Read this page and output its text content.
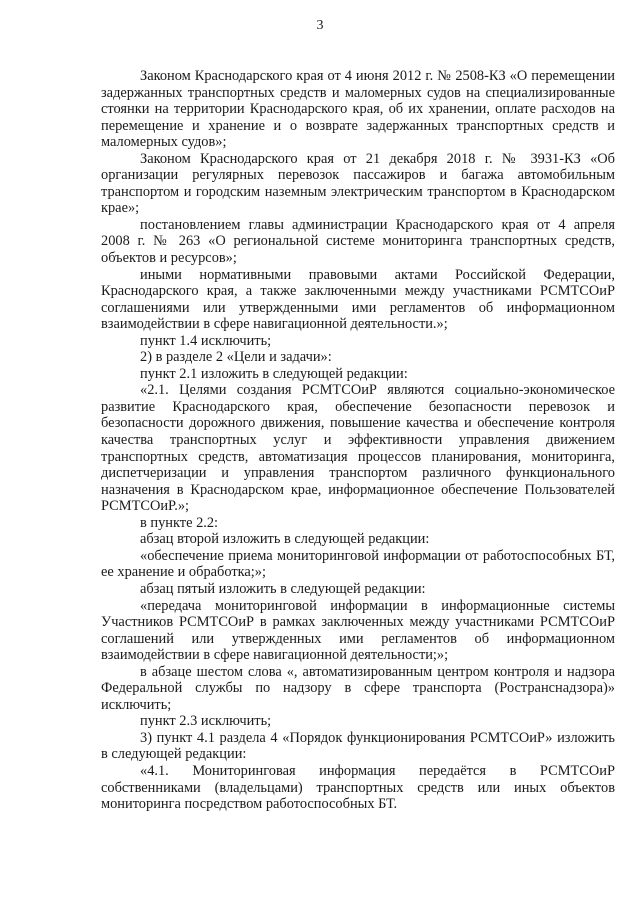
3

Законом Краснодарского края от 4 июня 2012 г. № 2508-КЗ «О перемещении задержанных транспортных средств и маломерных судов на специализированные стоянки на территории Краснодарского края, об их хранении, оплате расходов на перемещение и хранение и о возврате задержанных транспортных средств и маломерных судов»;

Законом Краснодарского края от 21 декабря 2018 г. № 3931-КЗ «Об организации регулярных перевозок пассажиров и багажа автомобильным транспортом и городским наземным электрическим транспортом в Краснодарском крае»;

постановлением главы администрации Краснодарского края от 4 апреля 2008 г. № 263 «О региональной системе мониторинга транспортных средств, объектов и ресурсов»;

иными нормативными правовыми актами Российской Федерации, Краснодарского края, а также заключенными между участниками РСМТСОиР соглашениями или утвержденными ими регламентов об информационном взаимодействии в сфере навигационной деятельности.»;

пункт 1.4 исключить;

2) в разделе 2 «Цели и задачи»:

пункт 2.1 изложить в следующей редакции:

«2.1. Целями создания РСМТСОиР являются социально-экономическое развитие Краснодарского края, обеспечение безопасности перевозок и безопасности дорожного движения, повышение качества и обеспечение контроля качества транспортных услуг и эффективности управления движением транспортных средств, автоматизация процессов планирования, мониторинга, диспетчеризации и управления транспортом различного функционального назначения в Краснодарском крае, информационное обеспечение Пользователей РСМТСОиР.»;

в пункте 2.2:

абзац второй изложить в следующей редакции:

«обеспечение приема мониторинговой информации от работоспособных БТ, ее хранение и обработка;»;

абзац пятый изложить в следующей редакции:

«передача мониторинговой информации в информационные системы Участников РСМТСОиР в рамках заключенных между участниками РСМТСОиР соглашений или утвержденных ими регламентов об информационном взаимодействии в сфере навигационной деятельности;»;

в абзаце шестом слова «, автоматизированным центром контроля и надзора Федеральной службы по надзору в сфере транспорта (Ространснадзора)» исключить;

пункт 2.3 исключить;

3) пункт 4.1 раздела 4 «Порядок функционирования РСМТСОиР» изложить в следующей редакции:

«4.1. Мониторинговая информация передаётся в РСМТСОиР собственниками (владельцами) транспортных средств или иных объектов мониторинга посредством работоспособных БТ.
